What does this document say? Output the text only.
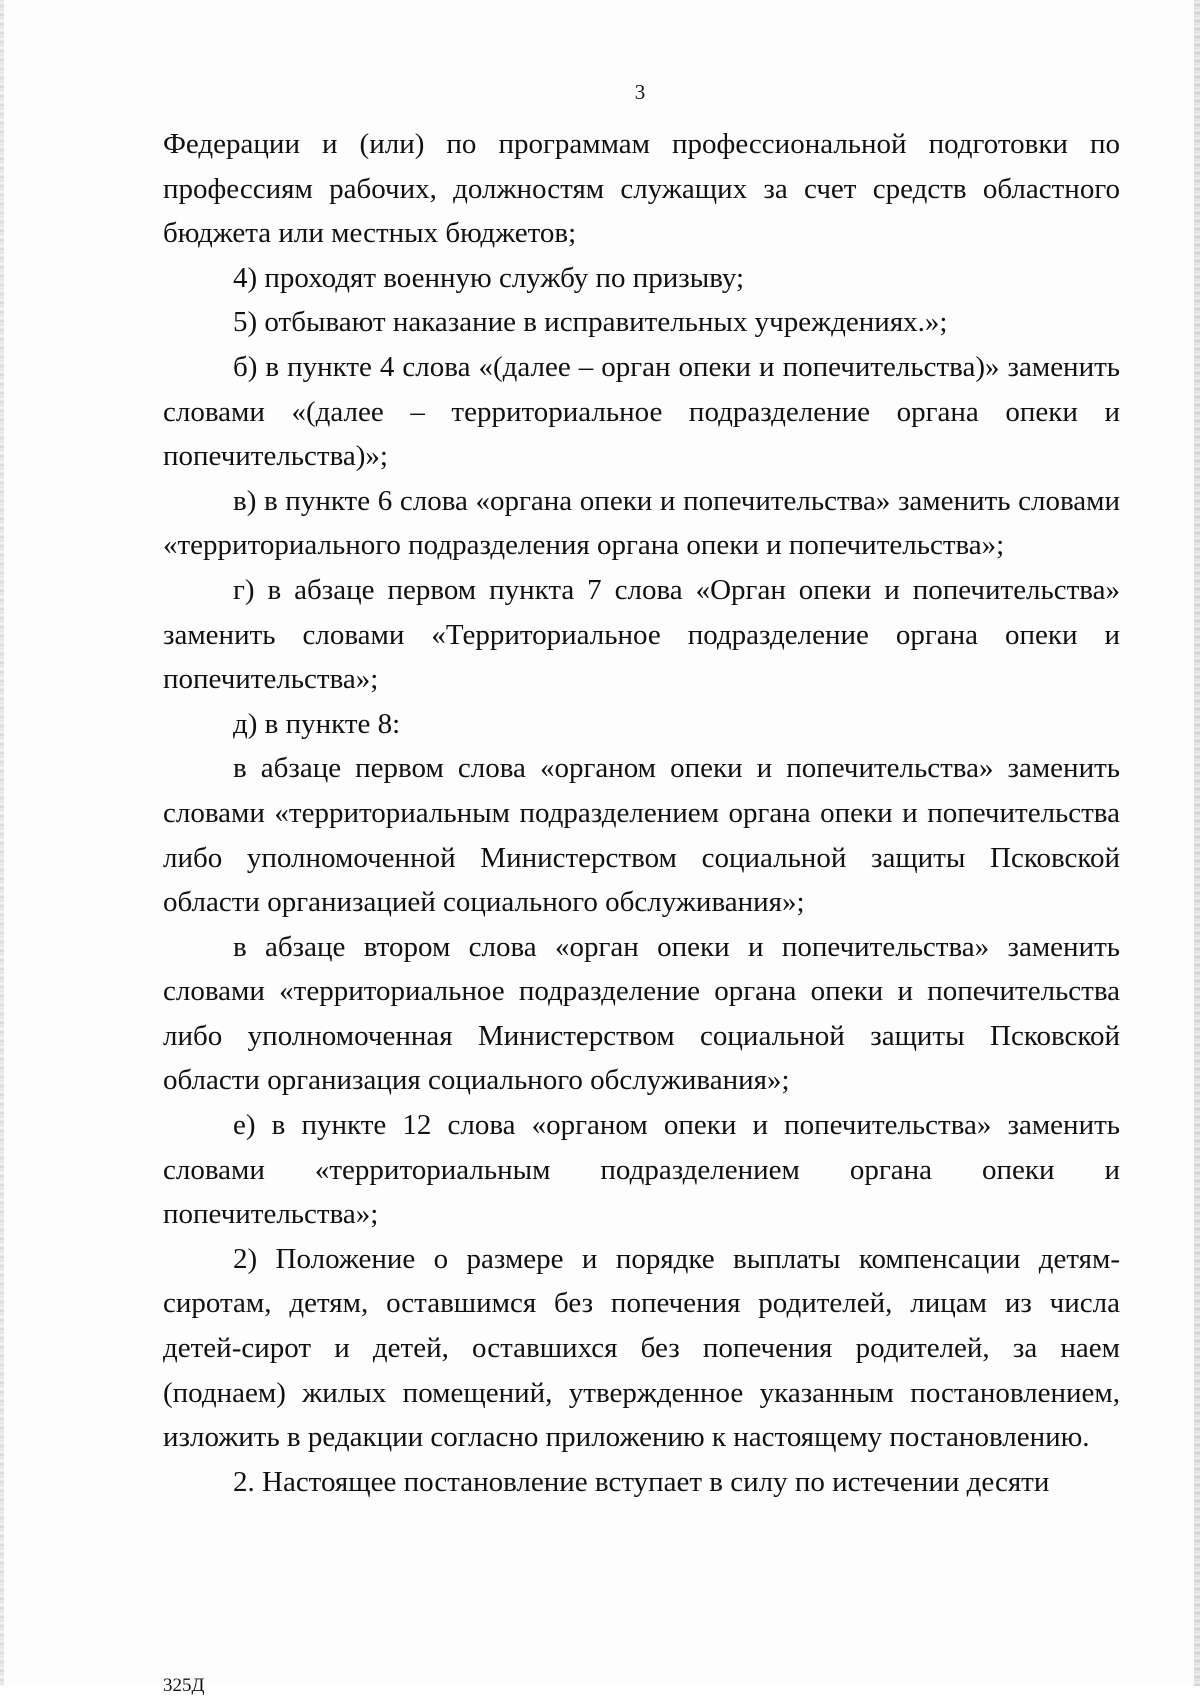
3

Федерации и (или) по программам профессиональной подготовки по профессиям рабочих, должностям служащих за счет средств областного бюджета или местных бюджетов;

4) проходят военную службу по призыву;

5) отбывают наказание в исправительных учреждениях.»;

б) в пункте 4 слова «(далее – орган опеки и попечительства)» заменить словами «(далее – территориальное подразделение органа опеки и попечительства)»;

в) в пункте 6 слова «органа опеки и попечительства» заменить словами «территориального подразделения органа опеки и попечительства»;

г) в абзаце первом пункта 7 слова «Орган опеки и попечительства» заменить словами «Территориальное подразделение органа опеки и попечительства»;

д) в пункте 8:

в абзаце первом слова «органом опеки и попечительства» заменить словами «территориальным подразделением органа опеки и попечительства либо уполномоченной Министерством социальной защиты Псковской области организацией социального обслуживания»;

в абзаце втором слова «орган опеки и попечительства» заменить словами «территориальное подразделение органа опеки и попечительства либо уполномоченная Министерством социальной защиты Псковской области организация социального обслуживания»;

е) в пункте 12 слова «органом опеки и попечительства» заменить словами «территориальным подразделением органа опеки и попечительства»;

2) Положение о размере и порядке выплаты компенсации детям-сиротам, детям, оставшимся без попечения родителей, лицам из числа детей-сирот и детей, оставшихся без попечения родителей, за наем (поднаем) жилых помещений, утвержденное указанным постановлением, изложить в редакции согласно приложению к настоящему постановлению.

2. Настоящее постановление вступает в силу по истечении десяти

325Д
